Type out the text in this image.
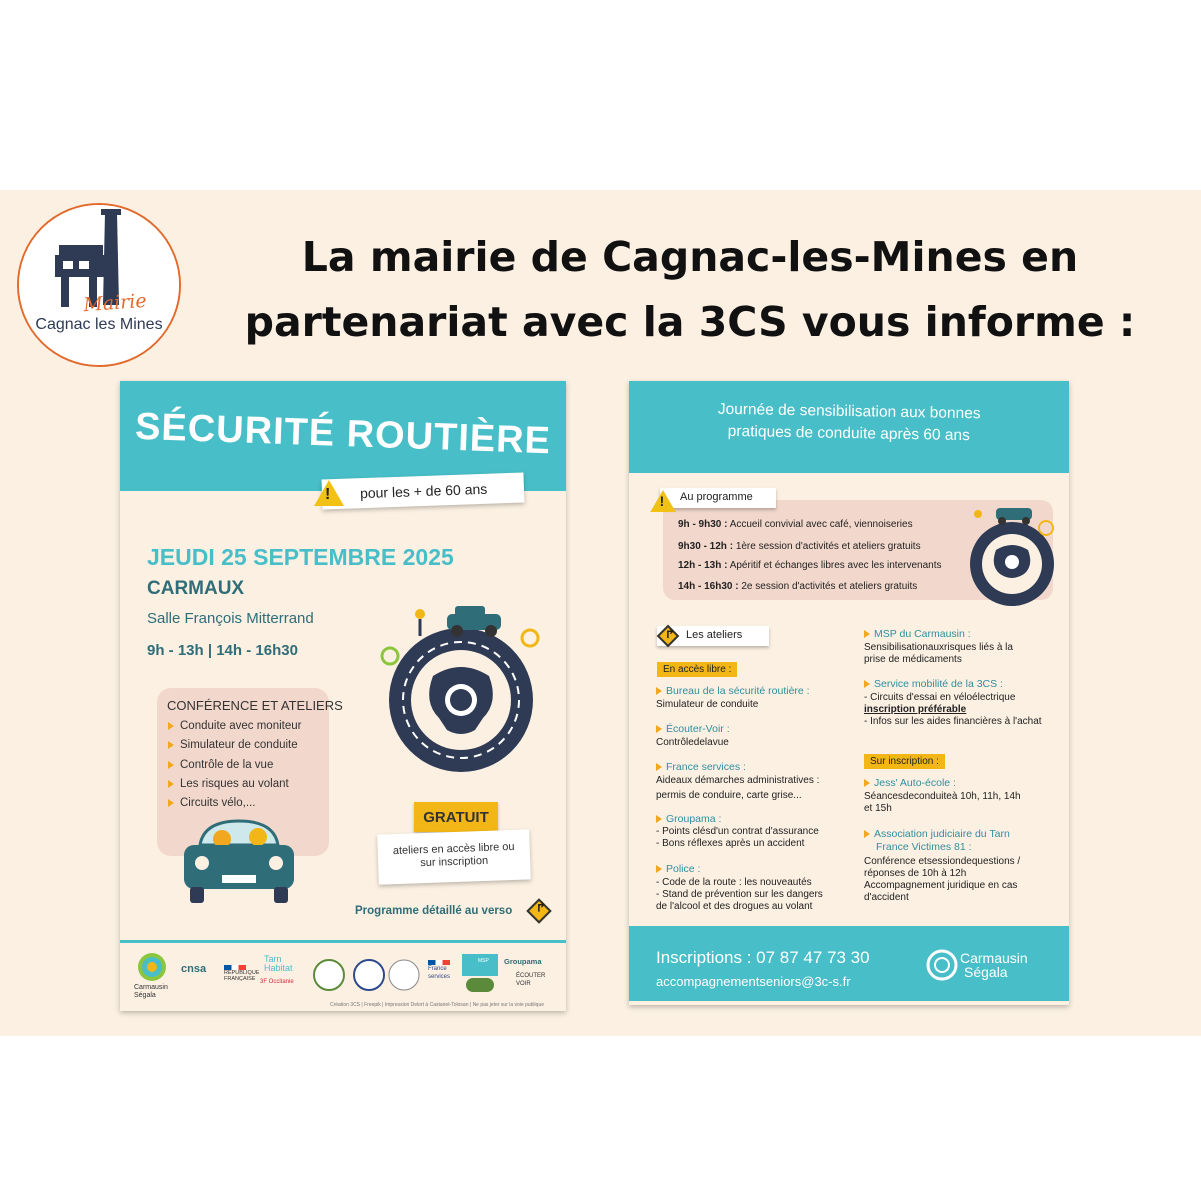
Mairie
Cagnac les Mines
La mairie de Cagnac-les-Mines en partenariat avec la 3CS vous informe :
SÉCURITÉ ROUTIÈRE
pour les + de 60 ans
!
JEUDI 25 SEPTEMBRE 2025
CARMAUX
Salle François Mitterrand
9h - 13h | 14h - 16h30
CONFÉRENCE ET ATELIERS
Conduite avec moniteur
Simulateur de conduite
Contrôle de la vue
Les risques au volant
Circuits vélo,...
GRATUIT
ateliers en accès libre ou
sur inscription
Programme détaillé au verso
↱
Carmausin
Ségala
cnsa	RÉPUBLIQUE
FRANÇAISE
Tarn
Habitat
3F Occitanie
France
services
MSP Groupama
ÉCOUTER
VOIR
Création 3CS | Freepik | Impression Delort à Castanet-Tolosan | Ne pas jeter sur la voie publique
Journée de sensibilisation aux bonnes
pratiques de conduite après 60 ans
Au programme
!
9h - 9h30 : Accueil convivial avec café, viennoiseries
9h30 - 12h : 1ère session d'activités et ateliers gratuits
12h - 13h : Apéritif et échanges libres avec les intervenants
14h - 16h30 : 2e session d'activités et ateliers gratuits
Les ateliers
↱
En accès libre :
Sur inscription :
Bureau de la sécurité routière :
Simulateur de conduite
Écouter-Voir :
Contrôledelavue
France services :
Aideaux démarches administratives :
permis de conduire, carte grise...
Groupama :
- Points clésd'un contrat d'assurance
- Bons réflexes après un accident
Police :
- Code de la route : les nouveautés
- Stand de prévention sur les dangers
de l'alcool et des drogues au volant
MSP du Carmausin :
Sensibilisationauxrisques liés à la
prise de médicaments
Service mobilité de la 3CS :
- Circuits d'essai en véloélectrique
inscription préférable
- Infos sur les aides financières à l'achat
Jess' Auto-école :
Séancesdeconduiteà 10h, 11h, 14h
et 15h
Association judiciaire du Tarn
France Victimes 81 :
Conférence etsessiondequestions /
réponses de 10h à 12h
Accompagnement juridique en cas
d'accident
Inscriptions : 07 87 47 73 30
accompagnementseniors@3c-s.fr
Carmausin
Ségala
